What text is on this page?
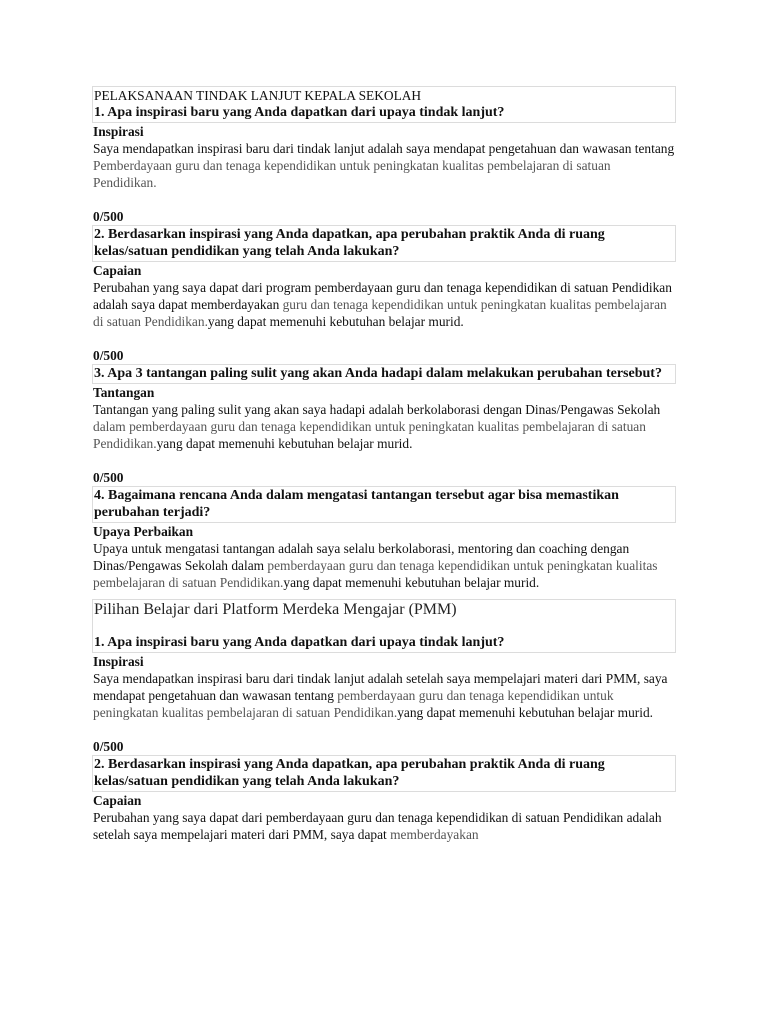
PELAKSANAAN TINDAK LANJUT KEPALA SEKOLAH
1. Apa inspirasi baru yang Anda dapatkan dari upaya tindak lanjut?
Inspirasi
Saya mendapatkan inspirasi baru dari tindak lanjut adalah saya mendapat pengetahuan dan wawasan tentang Pemberdayaan guru dan tenaga kependidikan untuk peningkatan kualitas pembelajaran di satuan Pendidikan.
0/500
2. Berdasarkan inspirasi yang Anda dapatkan, apa perubahan praktik Anda di ruang kelas/satuan pendidikan yang telah Anda lakukan?
Capaian
Perubahan yang saya dapat dari program pemberdayaan guru dan tenaga kependidikan di satuan Pendidikan adalah saya dapat memberdayakan guru dan tenaga kependidikan untuk peningkatan kualitas pembelajaran di satuan Pendidikan.yang dapat memenuhi kebutuhan belajar murid.
0/500
3. Apa 3 tantangan paling sulit yang akan Anda hadapi dalam melakukan perubahan tersebut?
Tantangan
Tantangan yang paling sulit yang akan saya hadapi adalah berkolaborasi dengan Dinas/Pengawas Sekolah dalam pemberdayaan guru dan tenaga kependidikan untuk peningkatan kualitas pembelajaran di satuan Pendidikan.yang dapat memenuhi kebutuhan belajar murid.
0/500
4. Bagaimana rencana Anda dalam mengatasi tantangan tersebut agar bisa memastikan perubahan terjadi?
Upaya Perbaikan
Upaya untuk mengatasi tantangan adalah saya selalu berkolaborasi, mentoring dan coaching dengan Dinas/Pengawas Sekolah dalam pemberdayaan guru dan tenaga kependidikan untuk peningkatan kualitas pembelajaran di satuan Pendidikan.yang dapat memenuhi kebutuhan belajar murid.
Pilihan Belajar dari Platform Merdeka Mengajar (PMM)
1. Apa inspirasi baru yang Anda dapatkan dari upaya tindak lanjut?
Inspirasi
Saya mendapatkan inspirasi baru dari tindak lanjut adalah setelah saya mempelajari materi dari PMM, saya mendapat pengetahuan dan wawasan tentang pemberdayaan guru dan tenaga kependidikan untuk peningkatan kualitas pembelajaran di satuan Pendidikan.yang dapat memenuhi kebutuhan belajar murid.
0/500
2. Berdasarkan inspirasi yang Anda dapatkan, apa perubahan praktik Anda di ruang kelas/satuan pendidikan yang telah Anda lakukan?
Capaian
Perubahan yang saya dapat dari pemberdayaan guru dan tenaga kependidikan di satuan Pendidikan adalah setelah saya mempelajari materi dari PMM, saya dapat memberdayakan
